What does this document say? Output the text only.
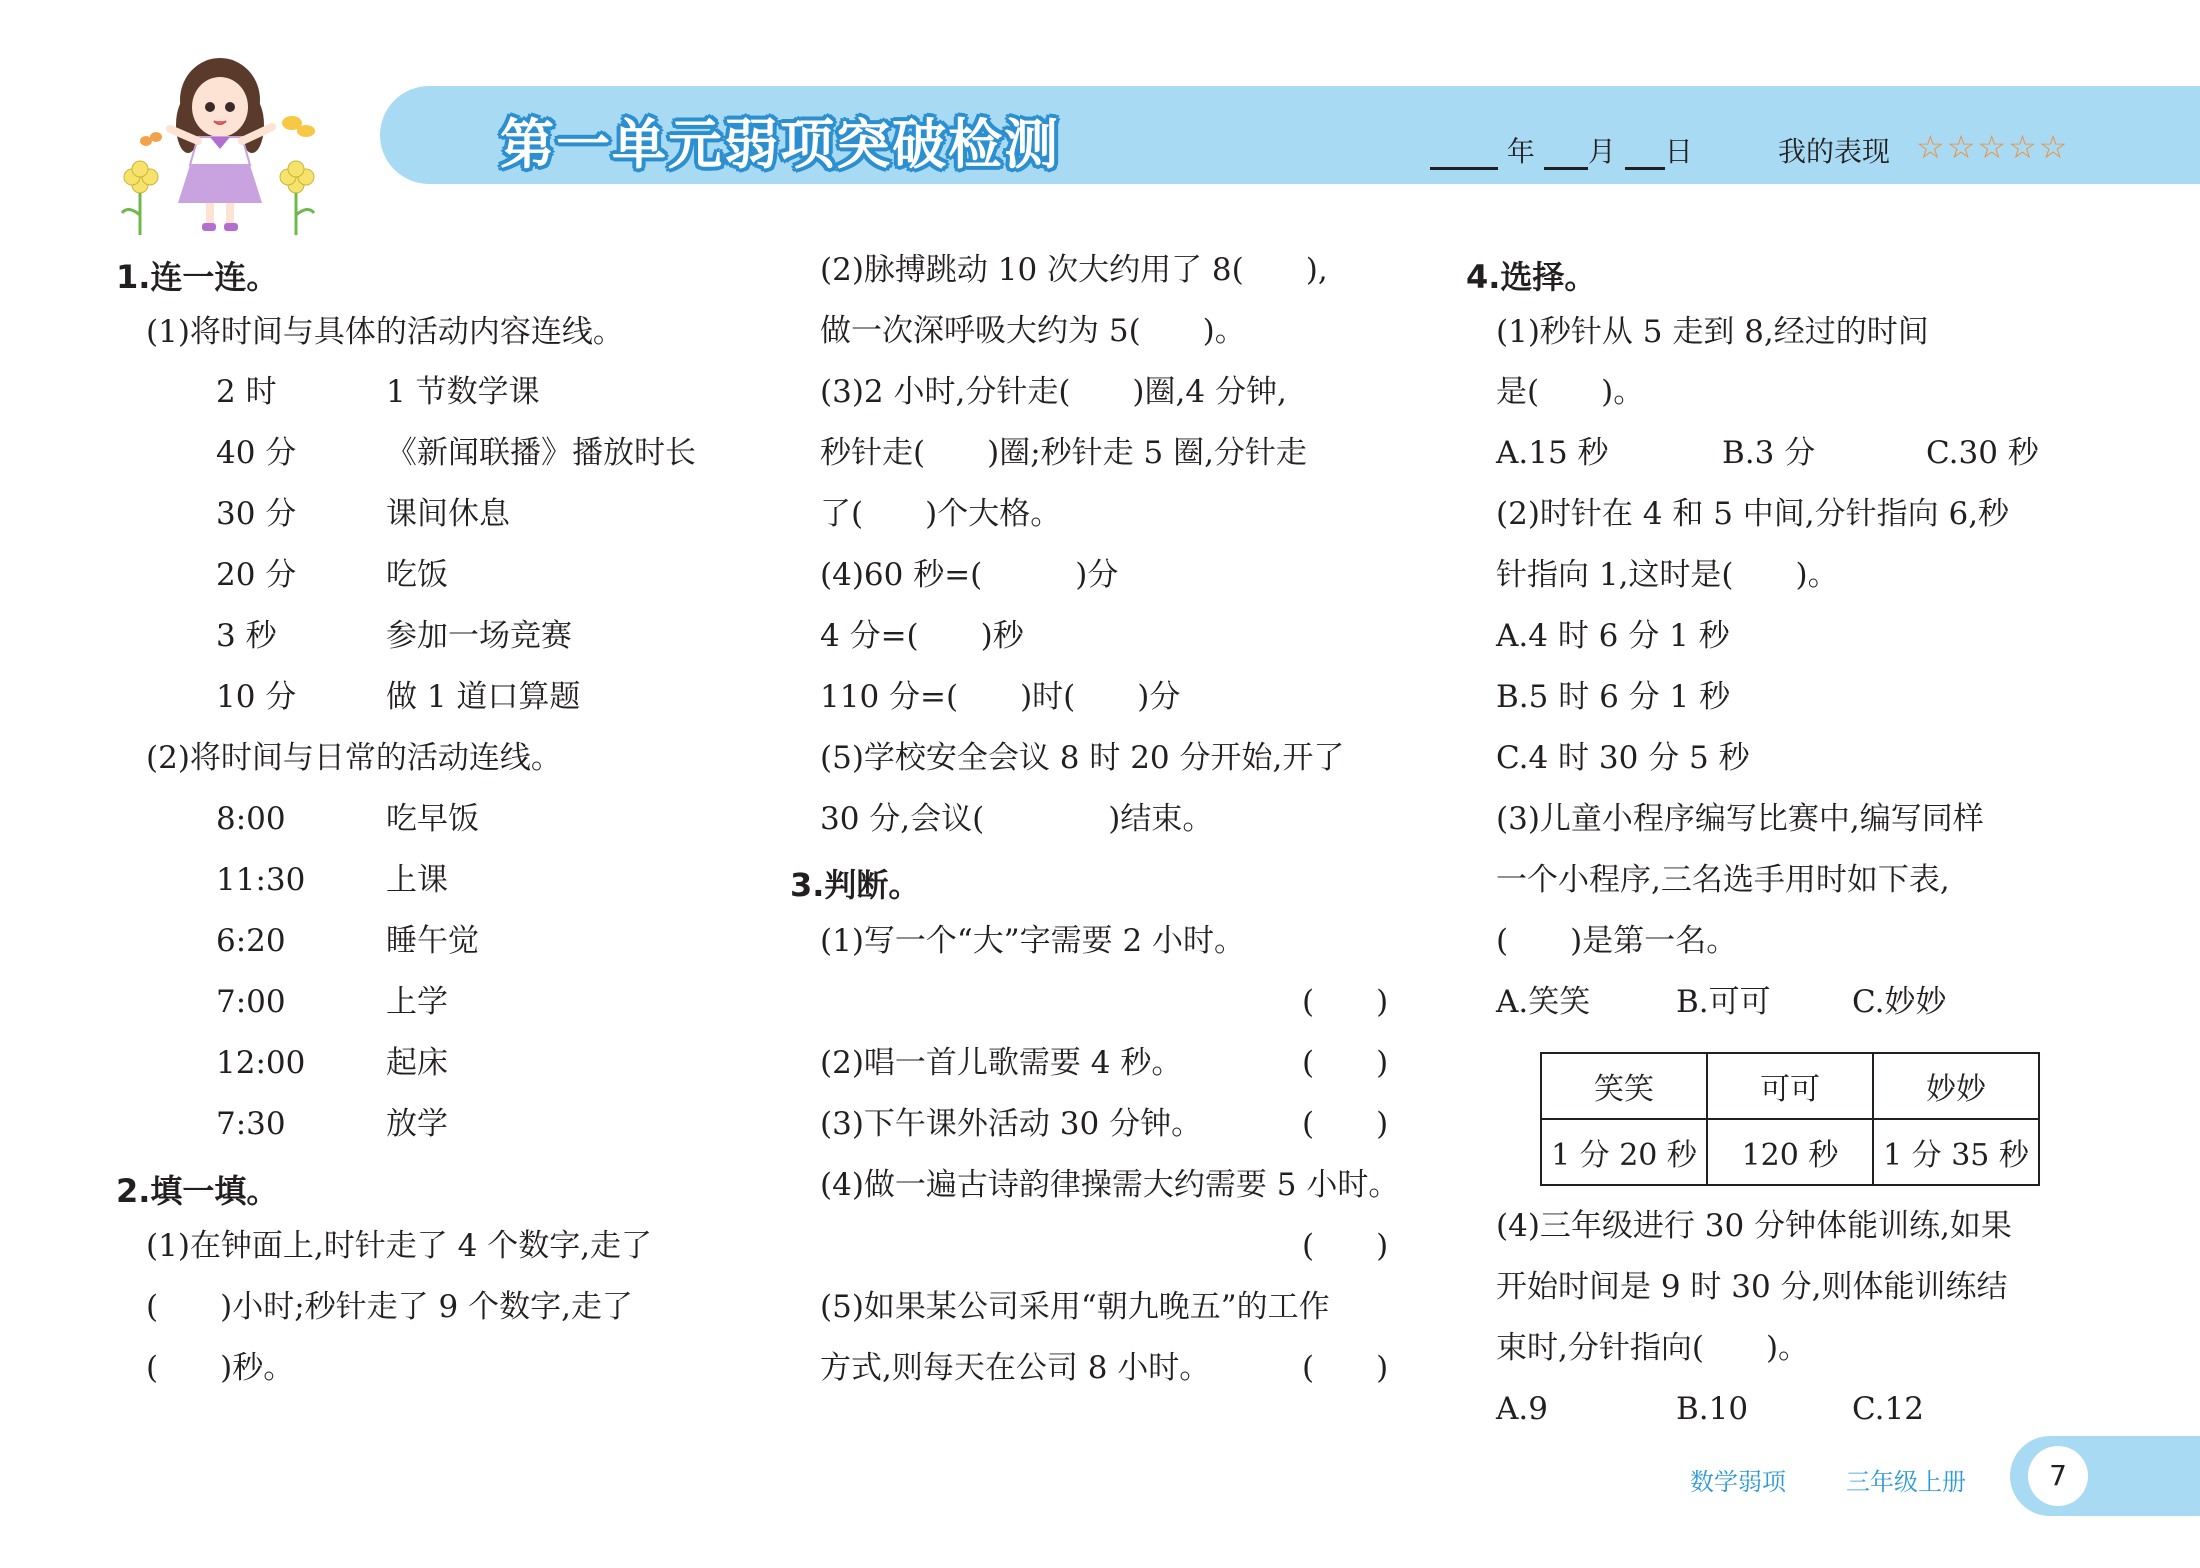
第一单元弱项突破检测	年 月 日	我的表现 ☆☆☆☆☆
1.连一连。
(1)将时间与具体的活动内容连线。
2 时	1 节数学课
40 分	《新闻联播》播放时长
30 分	课间休息
20 分	吃饭
3 秒	参加一场竞赛
10 分	做 1 道口算题
(2)将时间与日常的活动连线。
8:00	吃早饭
11:30	上课
6:20	睡午觉
7:00	上学
12:00	起床
7:30	放学
2.填一填。
(1)在钟面上,时针走了 4 个数字,走了
(　　)小时;秒针走了 9 个数字,走了
(　　)秒。
(2)脉搏跳动 10 次大约用了 8(　　),
做一次深呼吸大约为 5(　　)。
(3)2 小时,分针走(　　)圈,4 分钟,
秒针走(　　)圈;秒针走 5 圈,分针走
了(　　)个大格。
(4)60 秒=(　　　)分
4 分=(　　)秒
110 分=(　　)时(　　)分
(5)学校安全会议 8 时 20 分开始,开了
30 分,会议(　　　　)结束。
3.判断。
(1)写一个“大”字需要 2 小时。
(　　)
(2)唱一首儿歌需要 4 秒。	(　　)
(3)下午课外活动 30 分钟。	(　　)
(4)做一遍古诗韵律操需大约需要 5 小时。
(　　)
(5)如果某公司采用“朝九晚五”的工作
方式,则每天在公司 8 小时。	(　　)
4.选择。
(1)秒针从 5 走到 8,经过的时间
是(　　)。
A.15 秒	B.3 分	C.30 秒
(2)时针在 4 和 5 中间,分针指向 6,秒
针指向 1,这时是(　　)。
A.4 时 6 分 1 秒
B.5 时 6 分 1 秒
C.4 时 30 分 5 秒
(3)儿童小程序编写比赛中,编写同样
一个小程序,三名选手用时如下表,
(　　)是第一名。
A.笑笑	B.可可	C.妙妙
笑笑	可可	妙妙
1 分 20 秒	120 秒	1 分 35 秒
(4)三年级进行 30 分钟体能训练,如果
开始时间是 9 时 30 分,则体能训练结
束时,分针指向(　　)。
A.9	B.10	C.12
数学弱项	三年级上册	7
